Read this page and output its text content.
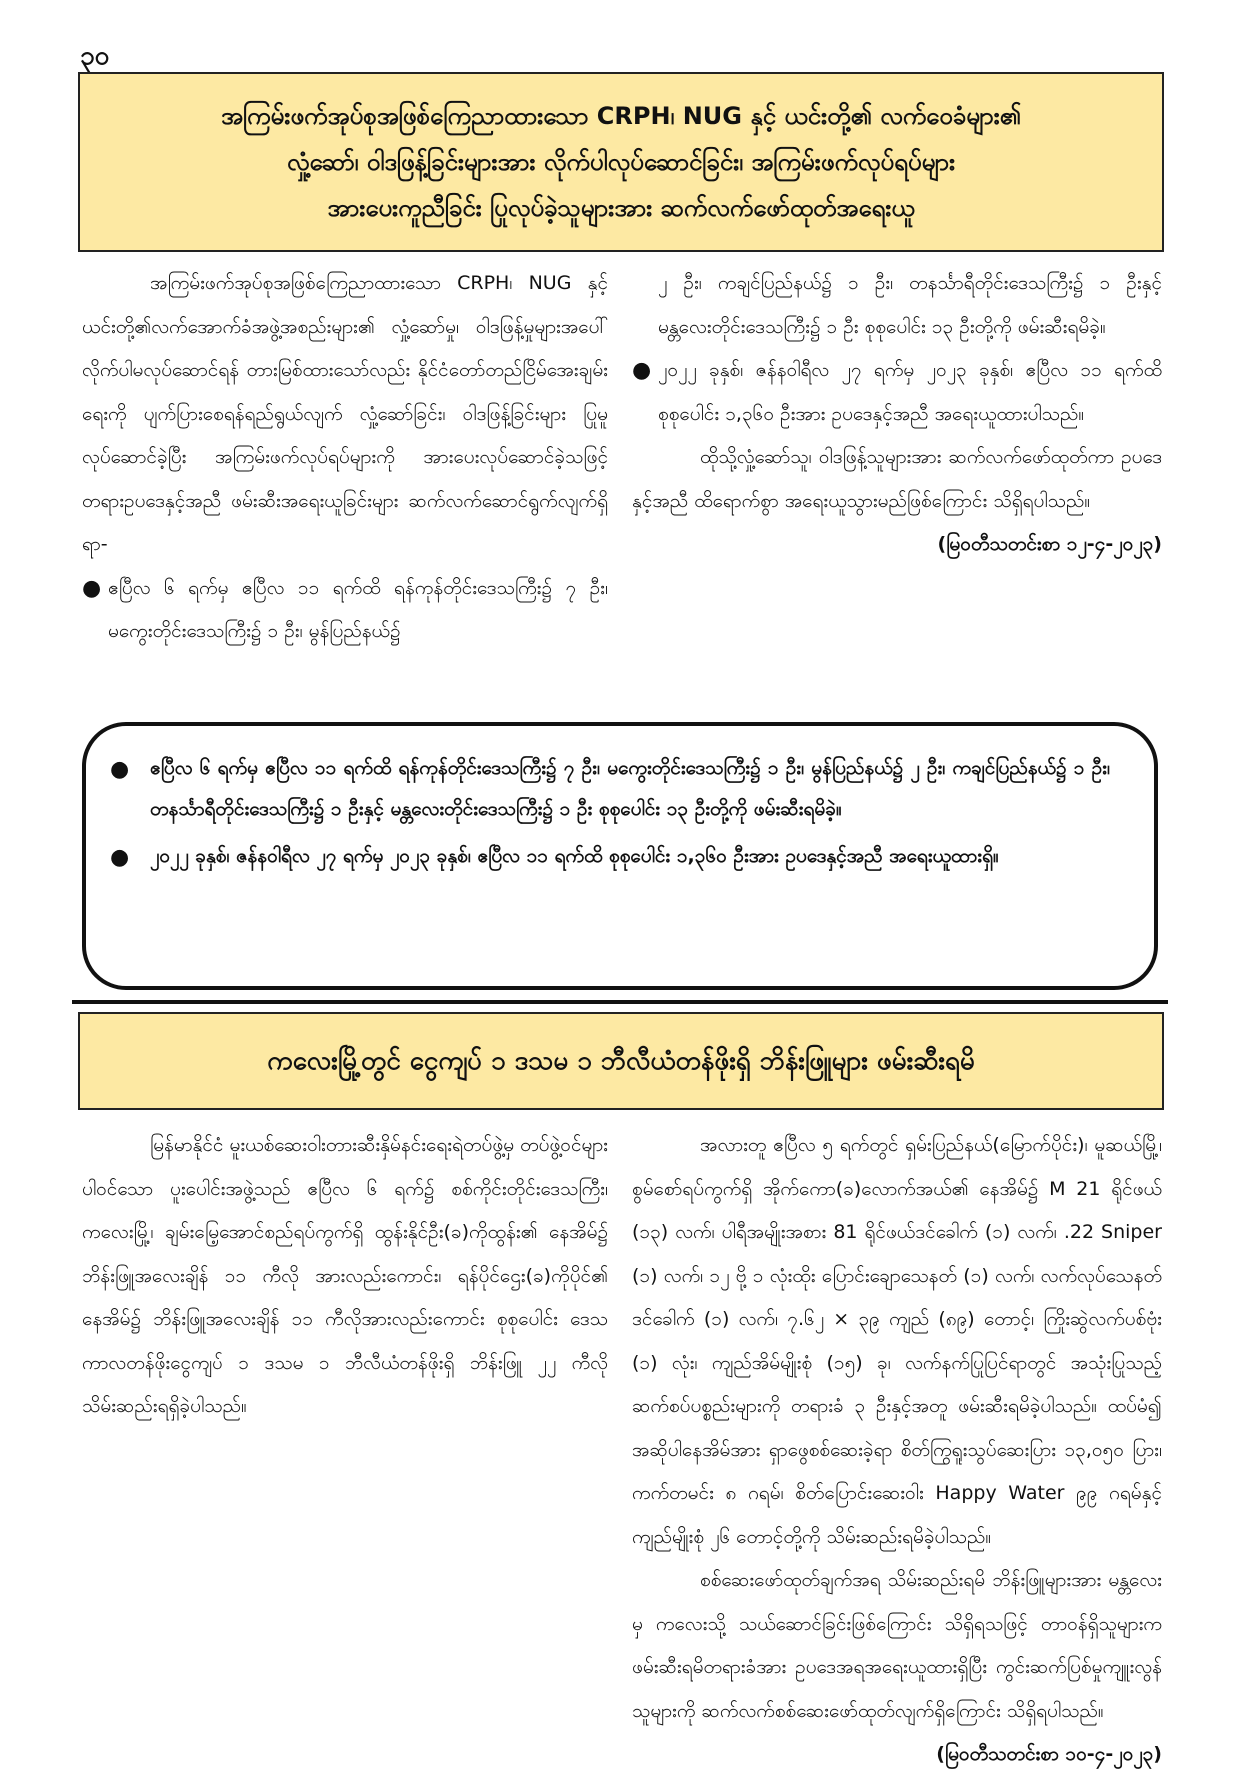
၃၀
အကြမ်းဖက်အုပ်စုအဖြစ်ကြေညာထားသော CRPH၊ NUG နှင့် ယင်းတို့၏ လက်ဝေခံများ၏
လှုံ့ဆော်၊ ဝါဒဖြန့်ခြင်းများအား လိုက်ပါလုပ်ဆောင်ခြင်း၊ အကြမ်းဖက်လုပ်ရပ်များ
အားပေးကူညီခြင်း ပြုလုပ်ခဲ့သူများအား ဆက်လက်ဖော်ထုတ်အရေးယူ

အကြမ်းဖက်အုပ်စုအဖြစ်ကြေညာထားသော CRPH၊ NUG နှင့် ယင်းတို့၏လက်အောက်ခံအဖွဲ့အစည်းများ၏ လှုံ့ဆော်မှု၊ ဝါဒဖြန့်မှုများအပေါ် လိုက်ပါမလုပ်ဆောင်ရန် တားမြစ်ထားသော်လည်း နိုင်ငံတော်တည်ငြိမ်အေးချမ်းရေးကို ပျက်ပြားစေရန်ရည်ရွယ်လျက် လှုံ့ဆော်ခြင်း၊ ဝါဒဖြန့်ခြင်းများ ပြုမူလုပ်ဆောင်ခဲ့ပြီး အကြမ်းဖက်လုပ်ရပ်များကို အားပေးလုပ်ဆောင်ခဲ့သဖြင့် တရားဥပဒေနှင့်အညီ ဖမ်းဆီးအရေးယူခြင်းများ ဆက်လက်ဆောင်ရွက်လျက်ရှိရာ-

● ဧပြီလ ၆ ရက်မှ ဧပြီလ ၁၁ ရက်ထိ ရန်ကုန်တိုင်းဒေသကြီး၌ ၇ ဦး၊ မကွေးတိုင်းဒေသကြီး၌ ၁ ဦး၊ မွန်ပြည်နယ်၌

၂ ဦး၊ ကချင်ပြည်နယ်၌ ၁ ဦး၊ တနင်္သာရီတိုင်းဒေသကြီး၌ ၁ ဦးနှင့် မန္တလေးတိုင်းဒေသကြီး၌ ၁ ဦး စုစုပေါင်း ၁၃ ဦးတို့ကို ဖမ်းဆီးရမိခဲ့။

● ၂၀၂၂ ခုနှစ်၊ ဇန်နဝါရီလ ၂၇ ရက်မှ ၂၀၂၃ ခုနှစ်၊ ဧပြီလ ၁၁ ရက်ထိ စုစုပေါင်း ၁,၃၆၀ ဦးအား ဥပဒေနှင့်အညီ အရေးယူထားပါသည်။

ထိုသို့လှုံ့ဆော်သူ၊ ဝါဒဖြန့်သူများအား ဆက်လက်ဖော်ထုတ်ကာ ဥပဒေနှင့်အညီ ထိရောက်စွာ အရေးယူသွားမည်ဖြစ်ကြောင်း သိရှိရပါသည်။

(မြဝတီသတင်းစာ ၁၂-၄-၂၀၂၃)

●	ဧပြီလ ၆ ရက်မှ ဧပြီလ ၁၁ ရက်ထိ ရန်ကုန်တိုင်းဒေသကြီး၌ ၇ ဦး၊ မကွေးတိုင်းဒေသကြီး၌ ၁ ဦး၊ မွန်ပြည်နယ်၌ ၂ ဦး၊ ကချင်ပြည်နယ်၌ ၁ ဦး၊ တနင်္သာရီတိုင်းဒေသကြီး၌ ၁ ဦးနှင့် မန္တလေးတိုင်းဒေသကြီး၌ ၁ ဦး စုစုပေါင်း ၁၃ ဦးတို့ကို ဖမ်းဆီးရမိခဲ့။
●	၂၀၂၂ ခုနှစ်၊ ဇန်နဝါရီလ ၂၇ ရက်မှ ၂၀၂၃ ခုနှစ်၊ ဧပြီလ ၁၁ ရက်ထိ စုစုပေါင်း ၁,၃၆၀ ဦးအား ဥပဒေနှင့်အညီ အရေးယူထားရှိ။
ကလေးမြို့တွင် ငွေကျပ် ၁ ဒသမ ၁ ဘီလီယံတန်ဖိုးရှိ ဘိန်းဖြူများ ဖမ်းဆီးရမိ

မြန်မာနိုင်ငံ မူးယစ်ဆေးဝါးတားဆီးနှိမ်နင်းရေးရဲတပ်ဖွဲ့မှ တပ်ဖွဲ့ဝင်များပါဝင်သော ပူးပေါင်းအဖွဲ့သည် ဧပြီလ ၆ ရက်၌ စစ်ကိုင်းတိုင်းဒေသကြီး၊ ကလေးမြို့၊ ချမ်းမြေ့အောင်စည်ရပ်ကွက်ရှိ ထွန်းနိုင်ဦး(ခ)ကိုထွန်း၏ နေအိမ်၌ ဘိန်းဖြူအလေးချိန် ၁၁ ကီလို အားလည်းကောင်း၊ ရန်ပိုင်ဌေး(ခ)ကိုပိုင်၏ နေအိမ်၌ ဘိန်းဖြူအလေးချိန် ၁၁ ကီလိုအားလည်းကောင်း စုစုပေါင်း ဒေသကာလတန်ဖိုးငွေကျပ် ၁ ဒသမ ၁ ဘီလီယံတန်ဖိုးရှိ ဘိန်းဖြူ ၂၂ ကီလိုသိမ်းဆည်းရရှိခဲ့ပါသည်။

အလားတူ ဧပြီလ ၅ ရက်တွင် ရှမ်းပြည်နယ်(မြောက်ပိုင်း)၊ မူဆယ်မြို့၊ စွမ်စော်ရပ်ကွက်ရှိ အိုက်ကော(ခ)လောက်အယ်၏ နေအိမ်၌ M 21 ရိုင်ဖယ် (၁၃) လက်၊ ပါရီအမျိုးအစား 81 ရိုင်ဖယ်ဒင်ခေါက် (၁) လက်၊ .22 Sniper (၁) လက်၊ ၁၂ ဗို့ ၁ လုံးထိုး ပြောင်းချောသေနတ် (၁) လက်၊ လက်လုပ်သေနတ်ဒင်ခေါက် (၁) လက်၊ ၇.၆၂ × ၃၉ ကျည် (၈၉) တောင့်၊ ကြိုးဆွဲလက်ပစ်ဗုံး (၁) လုံး၊ ကျည်အိမ်မျိုးစုံ (၁၅) ခု၊ လက်နက်ပြုပြင်ရာတွင် အသုံးပြုသည့် ဆက်စပ်ပစ္စည်းများကို တရားခံ ၃ ဦးနှင့်အတူ ဖမ်းဆီးရမိခဲ့ပါသည်။ ထပ်မံ၍ အဆိုပါနေအိမ်အား ရှာဖွေစစ်ဆေးခဲ့ရာ စိတ်ကြွရူးသွပ်ဆေးပြား ၁၃,၀၅၀ ပြား၊ ကက်တမင်း ၈ ဂရမ်၊ စိတ်ပြောင်းဆေးဝါး Happy Water ၉၉ ဂရမ်နှင့် ကျည်မျိုးစုံ ၂၆ တောင့်တို့ကို သိမ်းဆည်းရမိခဲ့ပါသည်။

စစ်ဆေးဖော်ထုတ်ချက်အရ သိမ်းဆည်းရမိ ဘိန်းဖြူများအား မန္တလေးမှ ကလေးသို့ သယ်ဆောင်ခြင်းဖြစ်ကြောင်း သိရှိရသဖြင့် တာဝန်ရှိသူများက ဖမ်းဆီးရမိတရားခံအား ဥပဒေအရအရေးယူထားရှိပြီး ကွင်းဆက်ပြစ်မှုကျူးလွန်သူများကို ဆက်လက်စစ်ဆေးဖော်ထုတ်လျက်ရှိကြောင်း သိရှိရပါသည်။

(မြဝတီသတင်းစာ ၁၀-၄-၂၀၂၃)
